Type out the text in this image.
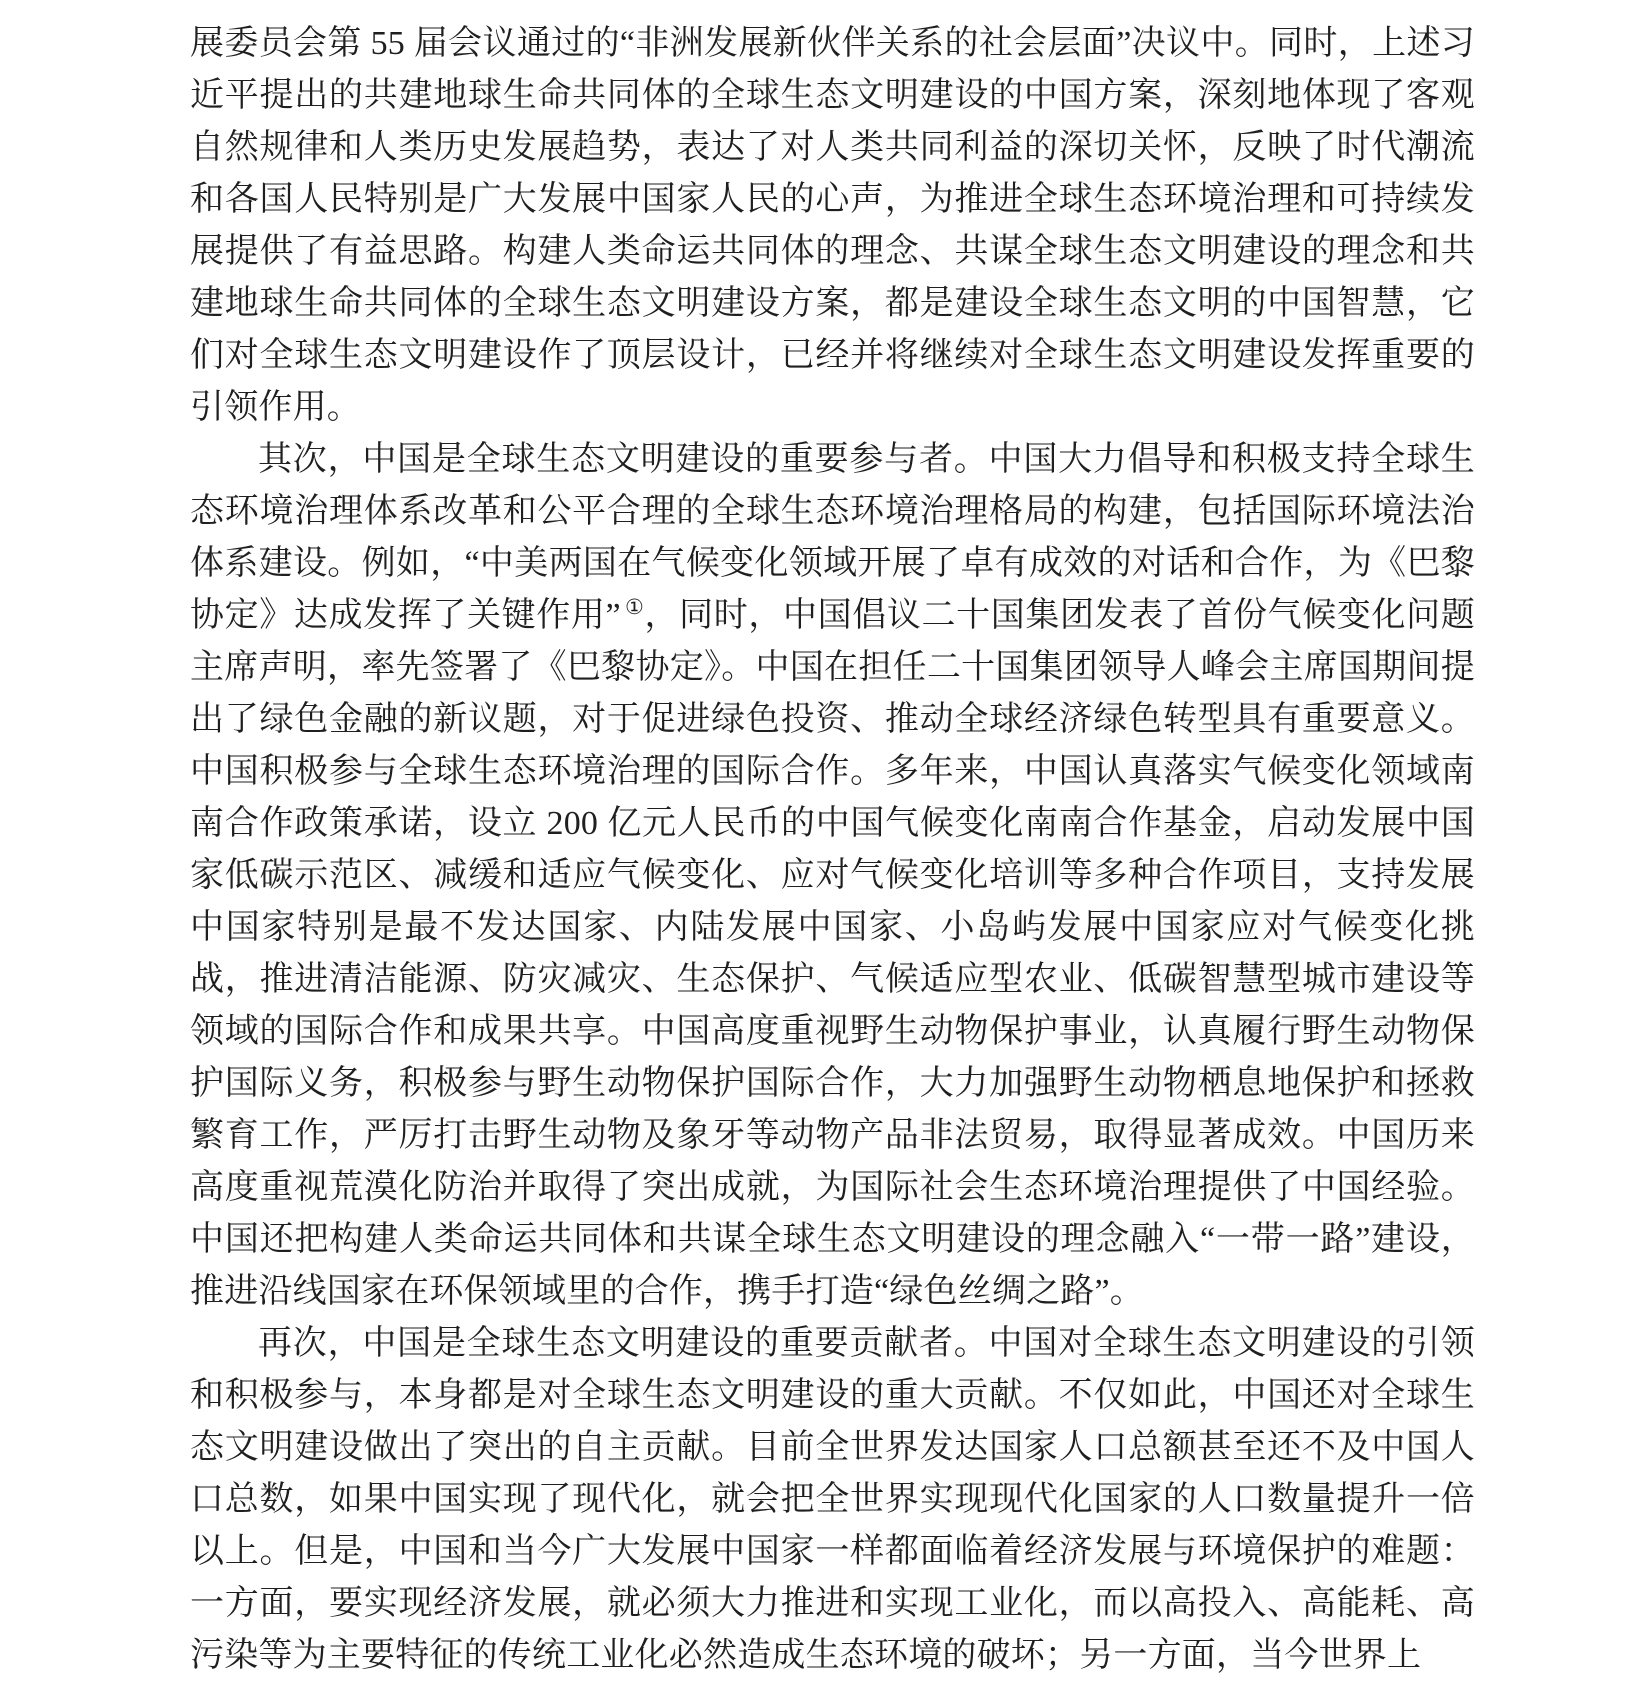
展委员会第 55 届会议通过的“非洲发展新伙伴关系的社会层面”决议中。同时，上述习近平提出的共建地球生命共同体的全球生态文明建设的中国方案，深刻地体现了客观自然规律和人类历史发展趋势，表达了对人类共同利益的深切关怀，反映了时代潮流和各国人民特别是广大发展中国家人民的心声，为推进全球生态环境治理和可持续发展提供了有益思路。构建人类命运共同体的理念、共谋全球生态文明建设的理念和共建地球生命共同体的全球生态文明建设方案，都是建设全球生态文明的中国智慧，它们对全球生态文明建设作了顶层设计，已经并将继续对全球生态文明建设发挥重要的引领作用。

其次，中国是全球生态文明建设的重要参与者。中国大力倡导和积极支持全球生态环境治理体系改革和公平合理的全球生态环境治理格局的构建，包括国际环境法治体系建设。例如，“中美两国在气候变化领域开展了卓有成效的对话和合作，为《巴黎协定》达成发挥了关键作用” ①，同时，中国倡议二十国集团发表了首份气候变化问题主席声明，率先签署了《巴黎协定》。中国在担任二十国集团领导人峰会主席国期间提出了绿色金融的新议题，对于促进绿色投资、推动全球经济绿色转型具有重要意义。中国积极参与全球生态环境治理的国际合作。多年来，中国认真落实气候变化领域南南合作政策承诺，设立 200 亿元人民币的中国气候变化南南合作基金，启动发展中国家低碳示范区、减缓和适应气候变化、应对气候变化培训等多种合作项目，支持发展中国家特别是最不发达国家、内陆发展中国家、小岛屿发展中国家应对气候变化挑战，推进清洁能源、防灾减灾、生态保护、气候适应型农业、低碳智慧型城市建设等领域的国际合作和成果共享。中国高度重视野生动物保护事业，认真履行野生动物保护国际义务，积极参与野生动物保护国际合作，大力加强野生动物栖息地保护和拯救繁育工作，严厉打击野生动物及象牙等动物产品非法贸易，取得显著成效。中国历来高度重视荒漠化防治并取得了突出成就，为国际社会生态环境治理提供了中国经验。中国还把构建人类命运共同体和共谋全球生态文明建设的理念融入“一带一路”建设，推进沿线国家在环保领域里的合作，携手打造“绿色丝绸之路”。

再次，中国是全球生态文明建设的重要贡献者。中国对全球生态文明建设的引领和积极参与，本身都是对全球生态文明建设的重大贡献。不仅如此，中国还对全球生态文明建设做出了突出的自主贡献。目前全世界发达国家人口总额甚至还不及中国人口总数，如果中国实现了现代化，就会把全世界实现现代化国家的人口数量提升一倍以上。但是，中国和当今广大发展中国家一样都面临着经济发展与环境保护的难题：一方面，要实现经济发展，就必须大力推进和实现工业化，而以高投入、高能耗、高污染等为主要特征的传统工业化必然造成生态环境的破坏；另一方面，当今世界上
